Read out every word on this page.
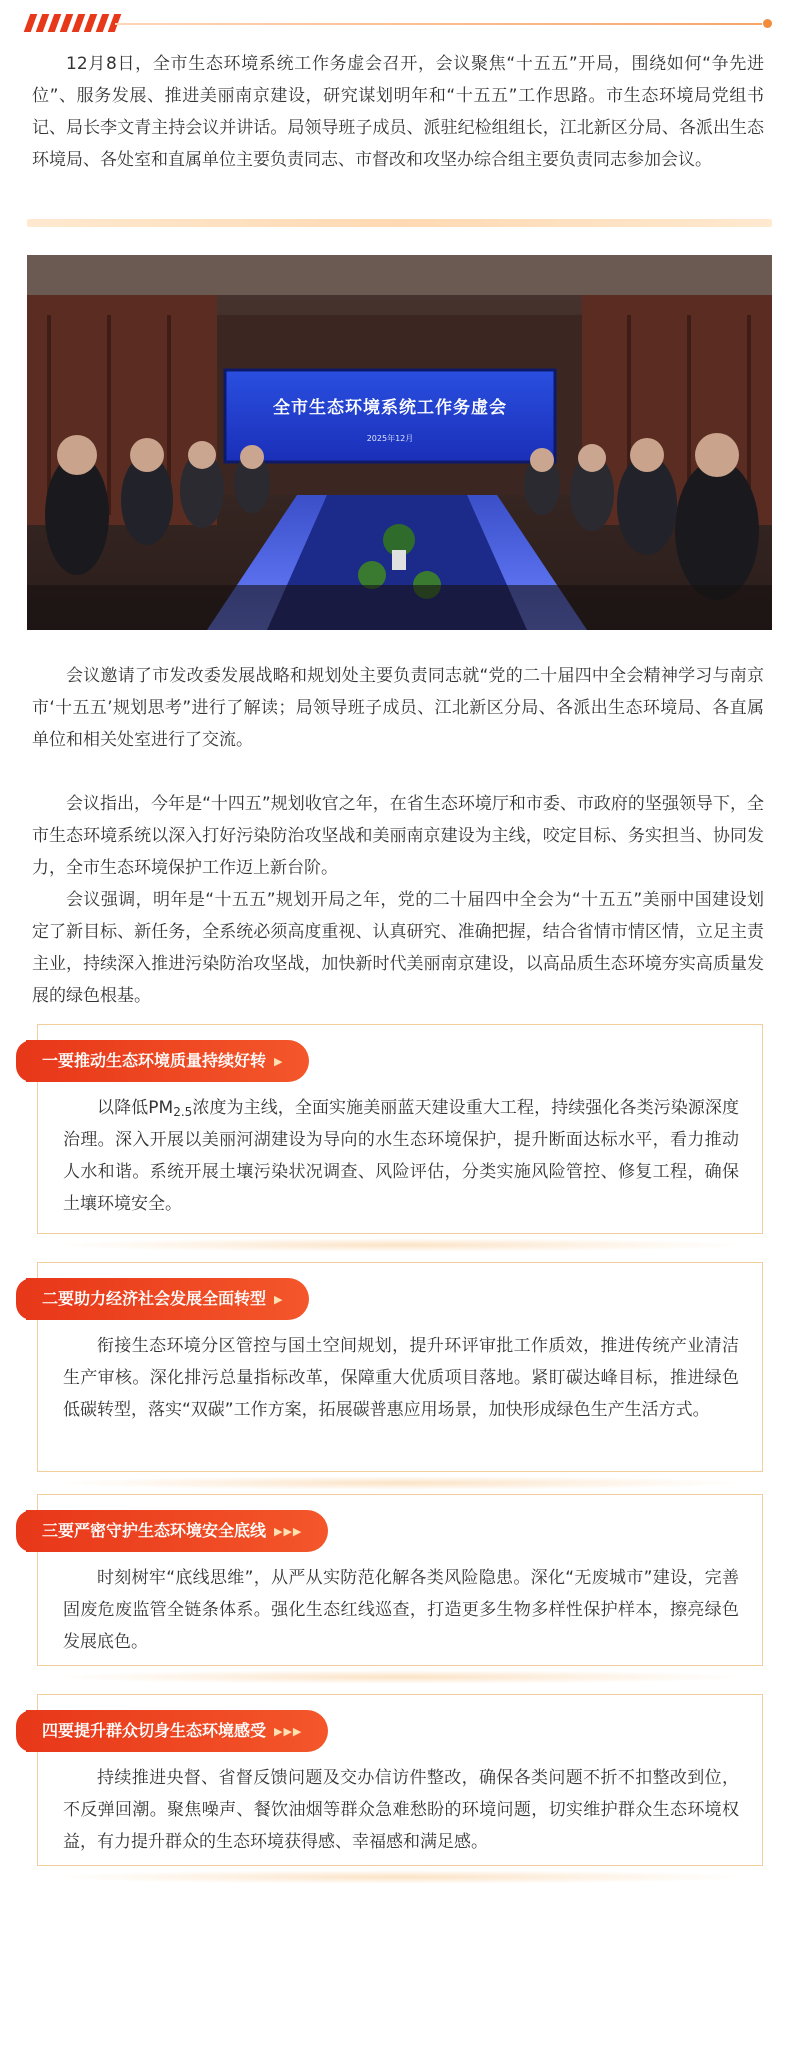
12月8日，全市生态环境系统工作务虚会召开，会议聚焦“十五五”开局，围绕如何“争先进位”、服务发展、推进美丽南京建设，研究谋划明年和“十五五”工作思路。市生态环境局党组书记、局长李文青主持会议并讲话。局领导班子成员、派驻纪检组组长，江北新区分局、各派出生态环境局、各处室和直属单位主要负责同志、市督改和攻坚办综合组主要负责同志参加会议。

全市生态环境系统工作务虚会
2025年12月

会议邀请了市发改委发展战略和规划处主要负责同志就“党的二十届四中全会精神学习与南京市‘十五五’规划思考”进行了解读；局领导班子成员、江北新区分局、各派出生态环境局、各直属单位和相关处室进行了交流。

会议指出，今年是“十四五”规划收官之年，在省生态环境厅和市委、市政府的坚强领导下，全市生态环境系统以深入打好污染防治攻坚战和美丽南京建设为主线，咬定目标、务实担当、协同发力，全市生态环境保护工作迈上新台阶。

会议强调，明年是“十五五”规划开局之年，党的二十届四中全会为“十五五”美丽中国建设划定了新目标、新任务，全系统必须高度重视、认真研究、准确把握，结合省情市情区情，立足主责主业，持续深入推进污染防治攻坚战，加快新时代美丽南京建设，以高品质生态环境夯实高质量发展的绿色根基。

一要推动生态环境质量持续好转 ▶

以降低$PM_{2.5}$浓度为主线，全面实施美丽蓝天建设重大工程，持续强化各类污染源深度治理。深入开展以美丽河湖建设为导向的水生态环境保护，提升断面达标水平，看力推动人水和谐。系统开展土壤污染状况调查、风险评估，分类实施风险管控、修复工程，确保土壤环境安全。

二要助力经济社会发展全面转型 ▶

衔接生态环境分区管控与国土空间规划，提升环评审批工作质效，推进传统产业清洁生产审核。深化排污总量指标改革，保障重大优质项目落地。紧盯碳达峰目标，推进绿色低碳转型，落实“双碳”工作方案，拓展碳普惠应用场景，加快形成绿色生产生活方式。

三要严密守护生态环境安全底线 ▶▶▶

时刻树牢“底线思维”，从严从实防范化解各类风险隐患。深化“无废城市”建设，完善固废危废监管全链条体系。强化生态红线巡查，打造更多生物多样性保护样本，擦亮绿色发展底色。

四要提升群众切身生态环境感受 ▶▶▶

持续推进央督、省督反馈问题及交办信访件整改，确保各类问题不折不扣整改到位，不反弹回潮。聚焦噪声、餐饮油烟等群众急难愁盼的环境问题，切实维护群众生态环境权益，有力提升群众的生态环境获得感、幸福感和满足感。
